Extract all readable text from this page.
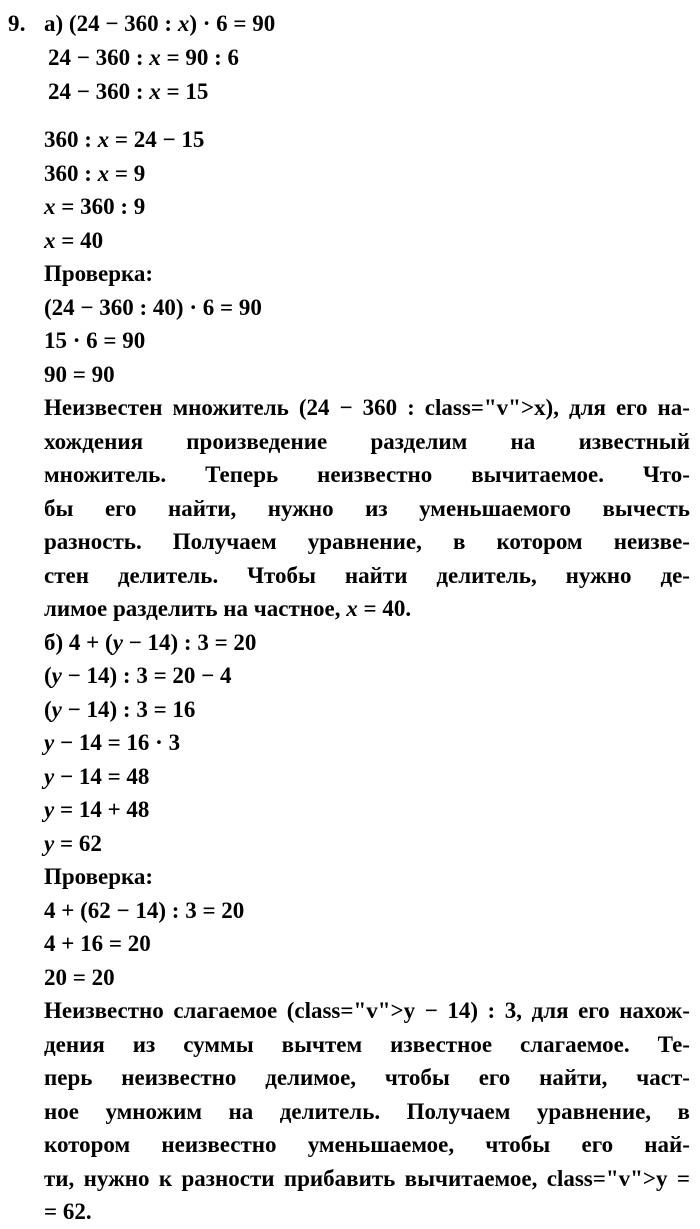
9. а) (24 − 360 : x) · 6 = 90
24 − 360 : x = 90 : 6
24 − 360 : x = 15
360 : x = 24 − 15
360 : x = 9
x = 360 : 9
x = 40
Проверка:
(24 − 360 : 40) · 6 = 90
15 · 6 = 90
90 = 90
Неизвестен множитель (24 − 360 : class="v">x), для его на-
хождения произведение разделим на известный
множитель. Теперь неизвестно вычитаемое. Что-
бы его найти, нужно из уменьшаемого вычесть
разность. Получаем уравнение, в котором неизве-
стен делитель. Чтобы найти делитель, нужно де-
лимое разделить на частное, x = 40.
б) 4 + (y − 14) : 3 = 20
(y − 14) : 3 = 20 − 4
(y − 14) : 3 = 16
y − 14 = 16 · 3
y − 14 = 48
y = 14 + 48
y = 62
Проверка:
4 + (62 − 14) : 3 = 20
4 + 16 = 20
20 = 20
Неизвестно слагаемое (class="v">y − 14) : 3, для его нахож-
дения из суммы вычтем известное слагаемое. Те-
перь неизвестно делимое, чтобы его найти, част-
ное умножим на делитель. Получаем уравнение, в
котором неизвестно уменьшаемое, чтобы его най-
ти, нужно к разности прибавить вычитаемое, class="v">y =
= 62.
